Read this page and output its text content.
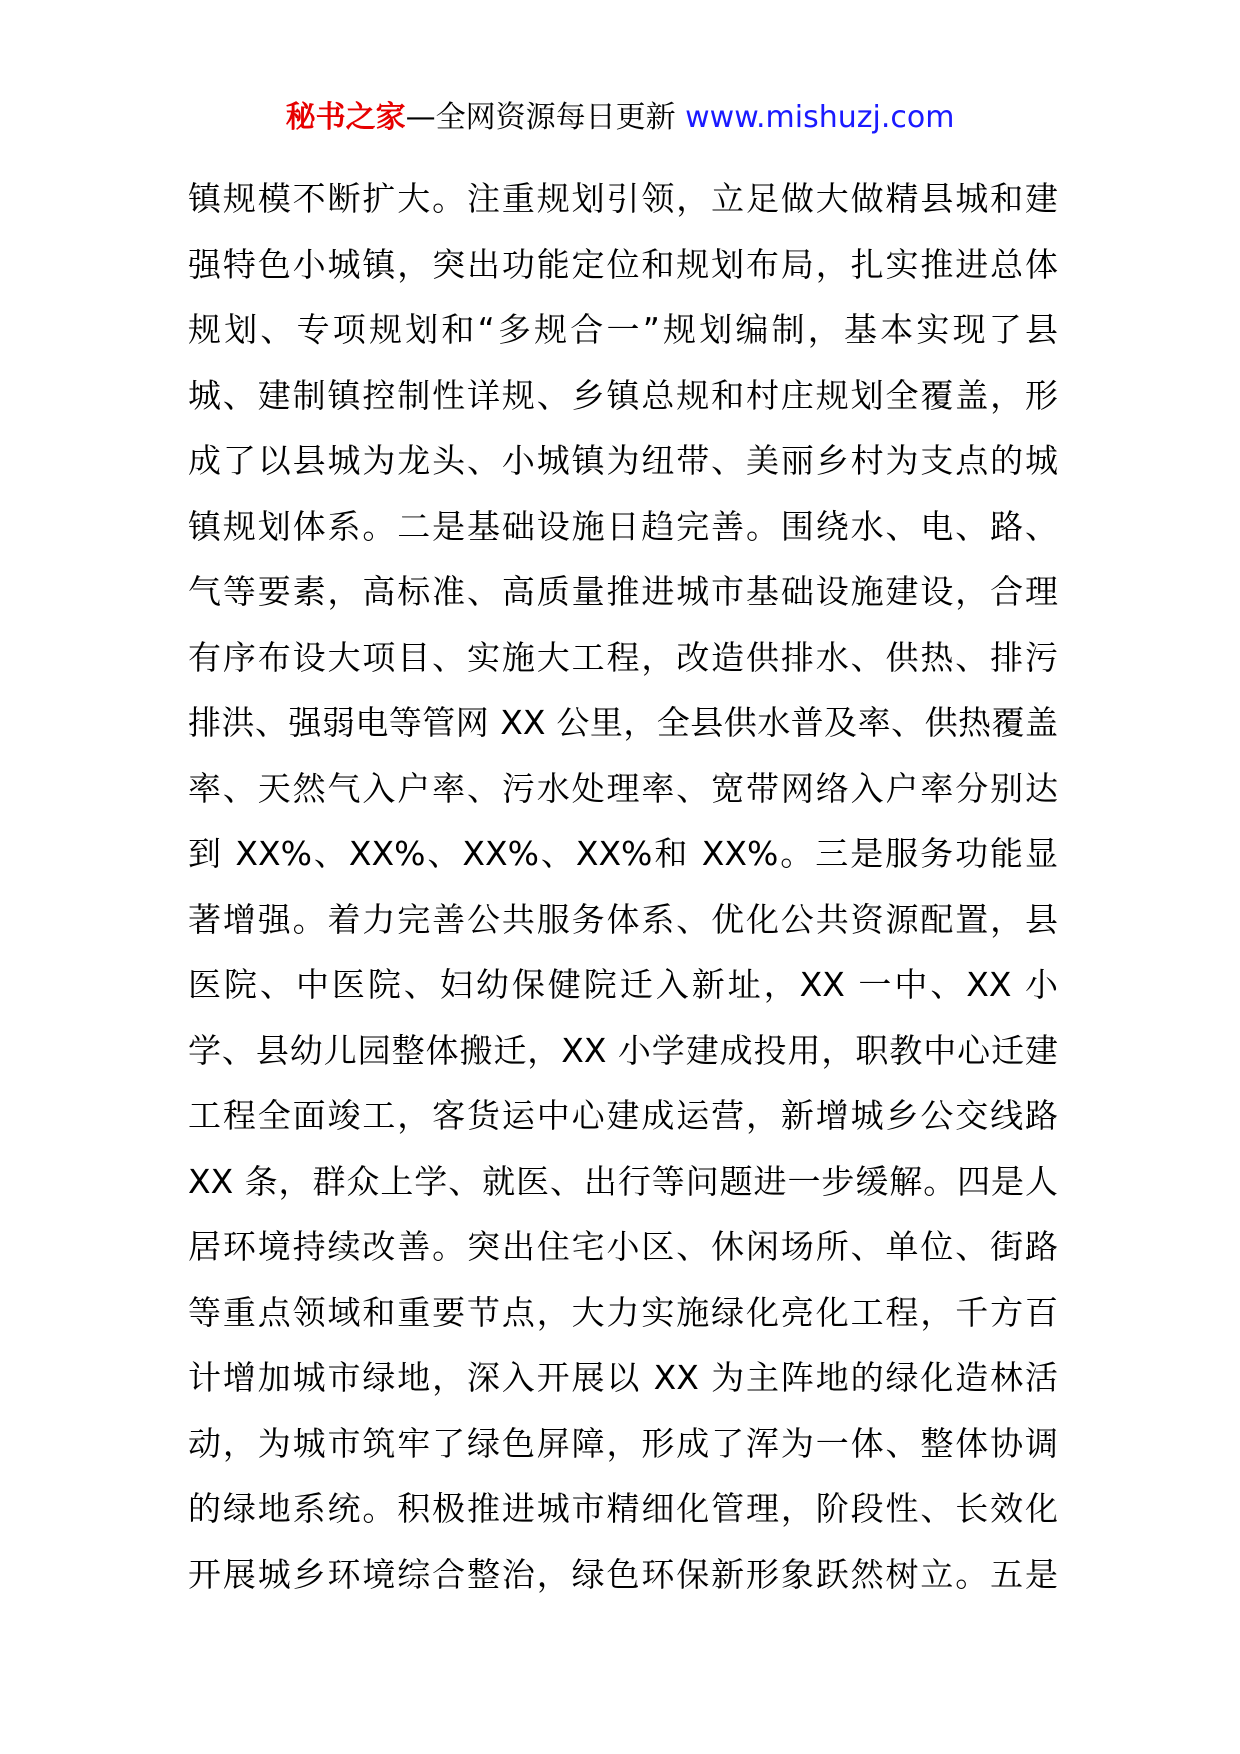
秘书之家—全网资源每日更新 www.mishuzj.com
镇规模不断扩大。注重规划引领，立足做大做精县城和建
强特色小城镇，突出功能定位和规划布局，扎实推进总体
规划、专项规划和“多规合一”规划编制，基本实现了县
城、建制镇控制性详规、乡镇总规和村庄规划全覆盖，形
成了以县城为龙头、小城镇为纽带、美丽乡村为支点的城
镇规划体系。二是基础设施日趋完善。围绕水、电、路、
气等要素，高标准、高质量推进城市基础设施建设，合理
有序布设大项目、实施大工程，改造供排水、供热、排污
排洪、强弱电等管网 XX 公里，全县供水普及率、供热覆盖
率、天然气入户率、污水处理率、宽带网络入户率分别达
到 XX%、XX%、XX%、XX%和 XX%。三是服务功能显
著增强。着力完善公共服务体系、优化公共资源配置，县
医院、中医院、妇幼保健院迁入新址，XX 一中、XX 小
学、县幼儿园整体搬迁，XX 小学建成投用，职教中心迁建
工程全面竣工，客货运中心建成运营，新增城乡公交线路
XX 条，群众上学、就医、出行等问题进一步缓解。四是人
居环境持续改善。突出住宅小区、休闲场所、单位、街路
等重点领域和重要节点，大力实施绿化亮化工程，千方百
计增加城市绿地，深入开展以 XX 为主阵地的绿化造林活
动，为城市筑牢了绿色屏障，形成了浑为一体、整体协调
的绿地系统。积极推进城市精细化管理，阶段性、长效化
开展城乡环境综合整治，绿色环保新形象跃然树立。五是
